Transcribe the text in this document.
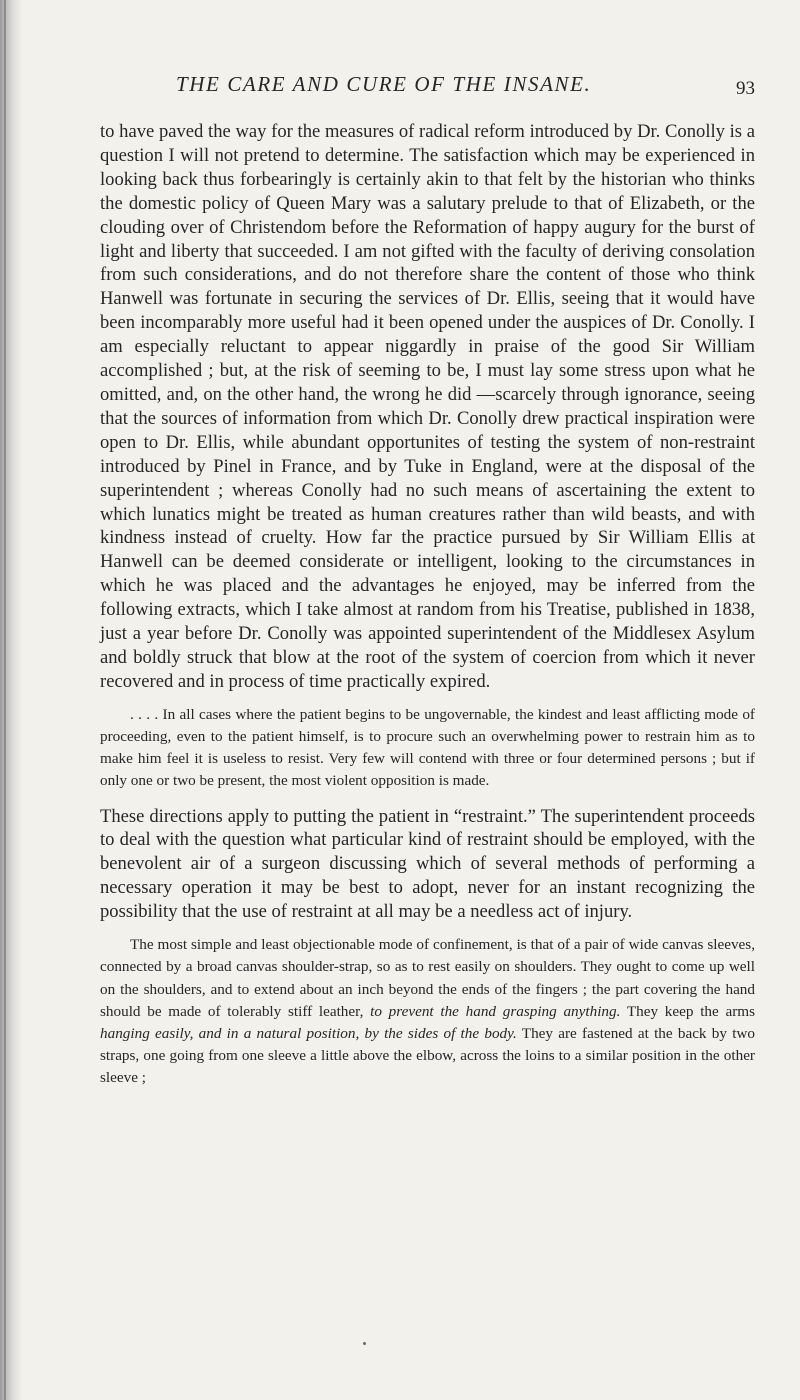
THE CARE AND CURE OF THE INSANE.	93

to have paved the way for the measures of radical reform introduced by Dr. Conolly is a question I will not pretend to determine. The satisfaction which may be experienced in looking back thus forbearingly is certainly akin to that felt by the historian who thinks the domestic policy of Queen Mary was a salutary prelude to that of Elizabeth, or the clouding over of Christendom before the Reformation of happy augury for the burst of light and liberty that succeeded. I am not gifted with the faculty of deriving consolation from such considerations, and do not therefore share the content of those who think Hanwell was fortunate in securing the services of Dr. Ellis, seeing that it would have been incomparably more useful had it been opened under the auspices of Dr. Conolly. I am especially reluctant to appear niggardly in praise of the good Sir William accomplished ; but, at the risk of seeming to be, I must lay some stress upon what he omitted, and, on the other hand, the wrong he did —scarcely through ignorance, seeing that the sources of information from which Dr. Conolly drew practical inspiration were open to Dr. Ellis, while abundant opportunites of testing the system of non-restraint introduced by Pinel in France, and by Tuke in England, were at the disposal of the superintendent ; whereas Conolly had no such means of ascertaining the extent to which lunatics might be treated as human creatures rather than wild beasts, and with kindness instead of cruelty. How far the practice pursued by Sir William Ellis at Hanwell can be deemed considerate or intelligent, looking to the circumstances in which he was placed and the advantages he enjoyed, may be inferred from the following extracts, which I take almost at random from his Treatise, published in 1838, just a year before Dr. Conolly was appointed superintendent of the Middlesex Asylum and boldly struck that blow at the root of the system of coercion from which it never recovered and in process of time practically expired.

. . . . In all cases where the patient begins to be ungovernable, the kindest and least afflicting mode of proceeding, even to the patient himself, is to procure such an overwhelming power to restrain him as to make him feel it is useless to resist. Very few will contend with three or four determined persons ; but if only one or two be present, the most violent opposition is made.

These directions apply to putting the patient in “restraint.” The superintendent proceeds to deal with the question what particular kind of restraint should be employed, with the benevolent air of a surgeon discussing which of several methods of performing a necessary operation it may be best to adopt, never for an instant recognizing the possibility that the use of restraint at all may be a needless act of injury.

The most simple and least objectionable mode of confinement, is that of a pair of wide canvas sleeves, connected by a broad canvas shoulder-strap, so as to rest easily on shoulders. They ought to come up well on the shoulders, and to extend about an inch beyond the ends of the fingers ; the part covering the hand should be made of tolerably stiff leather, to prevent the hand grasping anything. They keep the arms hanging easily, and in a natural position, by the sides of the body. They are fastened at the back by two straps, one going from one sleeve a little above the elbow, across the loins to a similar position in the other sleeve ;
